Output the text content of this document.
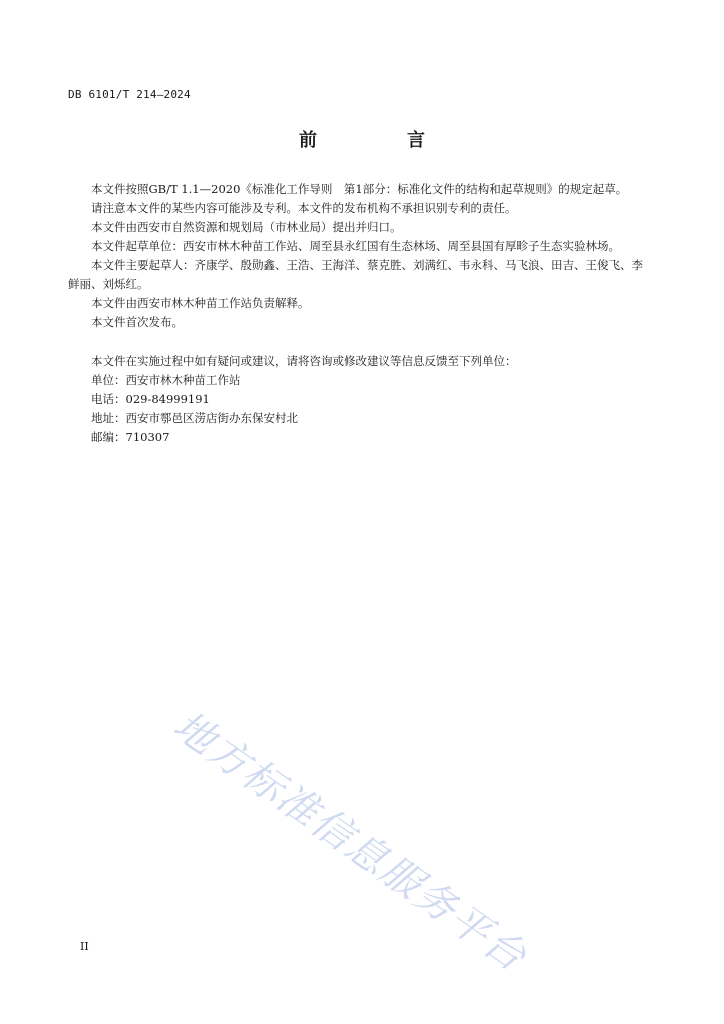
DB 6101/T 214—2024
前　言

本文件按照GB/T 1.1—2020《标准化工作导则　第1部分：标准化文件的结构和起草规则》的规定起草。

请注意本文件的某些内容可能涉及专利。本文件的发布机构不承担识别专利的责任。

本文件由西安市自然资源和规划局（市林业局）提出并归口。

本文件起草单位：西安市林木种苗工作站、周至县永红国有生态林场、周至县国有厚畛子生态实验林场。

本文件主要起草人：齐康学、殷勋鑫、王浩、王海洋、蔡克胜、刘满红、韦永科、马飞浪、田吉、王俊飞、李鲜丽、刘烁红。

本文件由西安市林木种苗工作站负责解释。

本文件首次发布。

本文件在实施过程中如有疑问或建议，请将咨询或修改建议等信息反馈至下列单位：

单位：西安市林木种苗工作站

电话：029-84999191

地址：西安市鄠邑区涝店街办东保安村北

邮编：710307

地方标准信息服务平台
II
